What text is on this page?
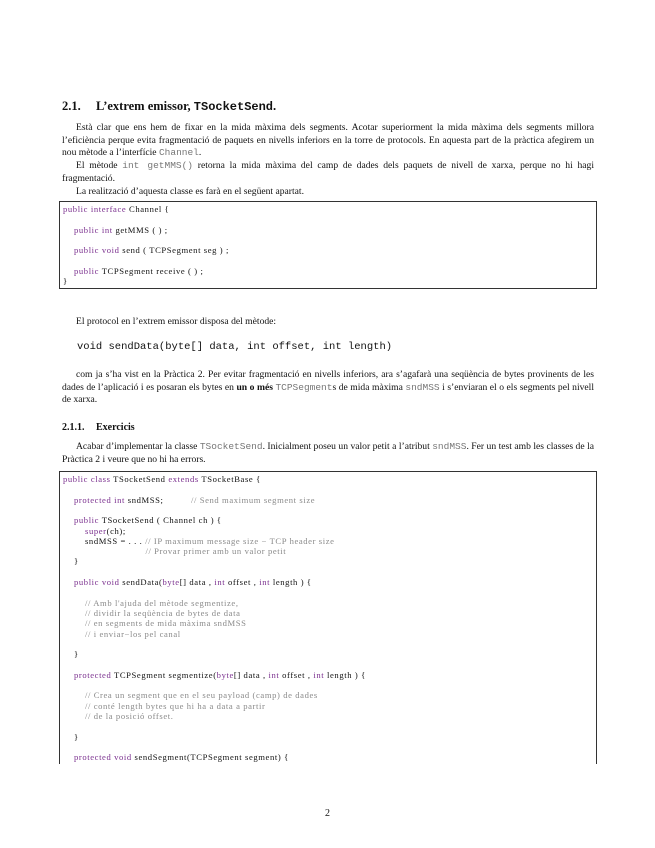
2.1. L’extrem emissor, TSocketSend.

Està clar que ens hem de fixar en la mida màxima dels segments. Acotar superiorment la mida màxima dels segments millora l’eficiència perque evita fragmentació de paquets en nivells inferiors en la torre de protocols. En aquesta part de la pràctica afegirem un nou mètode a l’interfície Channel.

El mètode int getMMS() retorna la mida màxima del camp de dades dels paquets de nivell de xarxa, perque no hi hagi fragmentació.

La realització d’aquesta classe es farà en el següent apartat.

public interface Channel {
public int getMMS ( ) ;
public void send ( TCPSegment seg ) ;
public TCPSegment receive ( ) ;
}

El protocol en l’extrem emissor disposa del mètode:

void sendData(byte[] data, int offset, int length)

com ja s’ha vist en la Pràctica 2. Per evitar fragmentació en nivells inferiors, ara s’agafarà una seqüència de bytes provinents de les dades de l’aplicació i es posaran els bytes en un o més TCPSegments de mida màxima sndMSS i s’enviaran el o els segments pel nivell de xarxa.

2.1.1. Exercicis

Acabar d’implementar la classe TSocketSend. Inicialment poseu un valor petit a l’atribut sndMSS. Fer un test amb les classes de la Pràctica 2 i veure que no hi ha errors.

public class TSocketSend extends TSocketBase {
protected int sndMSS;          // Send maximum segment size
public TSocketSend ( Channel ch ) {
super(ch);
sndMSS = . . . // IP maximum message size − TCP header size
// Provar primer amb un valor petit
}
public void sendData(byte[] data , int offset , int length ) {
// Amb l'ajuda del mètode segmentize,
// dividir la seqüència de bytes de data
// en segments de mida màxima sndMSS
// i enviar−los pel canal
}
protected TCPSegment segmentize(byte[] data , int offset , int length ) {
// Crea un segment que en el seu payload (camp) de dades
// conté length bytes que hi ha a data a partir
// de la posició offset.
}
protected void sendSegment(TCPSegment segment) {
2
